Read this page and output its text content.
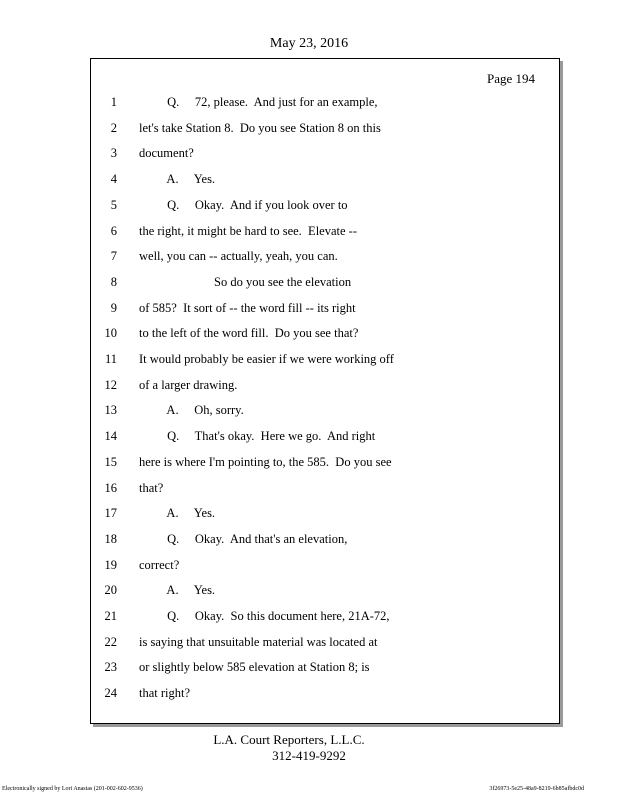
May 23, 2016
Page 194
1 Q.     72, please.  And just for an example,
2 let's take Station 8.  Do you see Station 8 on this
3 document?
4 A.     Yes.
5 Q.     Okay.  And if you look over to
6 the right, it might be hard to see.  Elevate --
7 well, you can -- actually, yeah, you can.
8 So do you see the elevation
9 of 585?  It sort of -- the word fill -- its right
10 to the left of the word fill.  Do you see that?
11 It would probably be easier if we were working off
12 of a larger drawing.
13 A.     Oh, sorry.
14 Q.     That's okay.  Here we go.  And right
15 here is where I'm pointing to, the 585.  Do you see
16 that?
17 A.     Yes.
18 Q.     Okay.  And that's an elevation,
19 correct?
20 A.     Yes.
21 Q.     Okay.  So this document here, 21A-72,
22 is saying that unsuitable material was located at
23 or slightly below 585 elevation at Station 8; is
24 that right?
L.A. Court Reporters, L.L.C.
312-419-9292
Electronically signed by Lori Anastas (201-002-602-9536)	3f26973-5e25-48a9-8219-6b85afbdc0d
